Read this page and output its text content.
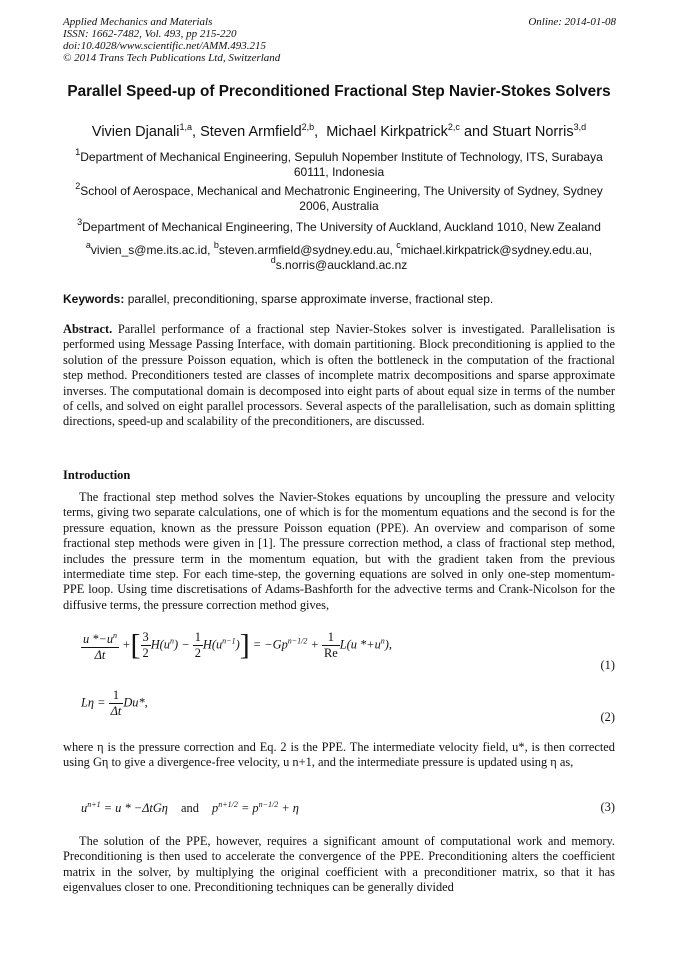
Applied Mechanics and Materials
ISSN: 1662-7482, Vol. 493, pp 215-220
doi:10.4028/www.scientific.net/AMM.493.215
© 2014 Trans Tech Publications Ltd, Switzerland
Online: 2014-01-08
Parallel Speed-up of Preconditioned Fractional Step Navier-Stokes Solvers
Vivien Djanali$^{1,a}$, Steven Armfield$^{2,b}$,  Michael Kirkpatrick$^{2,c}$ and Stuart Norris$^{3,d}$
$^1$Department of Mechanical Engineering, Sepuluh Nopember Institute of Technology, ITS, Surabaya 60111, Indonesia
$^2$School of Aerospace, Mechanical and Mechatronic Engineering, The University of Sydney, Sydney 2006, Australia
$^3$Department of Mechanical Engineering, The University of Auckland, Auckland 1010, New Zealand
$^a$vivien_s@me.its.ac.id, $^b$steven.armfield@sydney.edu.au, $^c$michael.kirkpatrick@sydney.edu.au,
$^d$s.norris@auckland.ac.nz
Keywords: parallel, preconditioning, sparse approximate inverse, fractional step.
Abstract. Parallel performance of a fractional step Navier-Stokes solver is investigated. Parallelisation is performed using Message Passing Interface, with domain partitioning. Block preconditioning is applied to the solution of the pressure Poisson equation, which is often the bottleneck in the computation of the fractional step method. Preconditioners tested are classes of incomplete matrix decompositions and sparse approximate inverses. The computational domain is decomposed into eight parts of about equal size in terms of the number of cells, and solved on eight parallel processors. Several aspects of the parallelisation, such as domain splitting directions, speed-up and scalability of the preconditioners, are discussed.
Introduction
The fractional step method solves the Navier-Stokes equations by uncoupling the pressure and velocity terms, giving two separate calculations, one of which is for the momentum equations and the second is for the pressure equation, known as the pressure Poisson equation (PPE). An overview and comparison of some fractional step methods were given in [1]. The pressure correction method, a class of fractional step method, includes the pressure term in the momentum equation, but with the gradient taken from the previous intermediate time step. For each time-step, the governing equations are solved in only one-step momentum-PPE loop. Using time discretisations of Adams-Bashforth for the advective terms and Crank-Nicolson for the diffusive terms, the pressure correction method gives,
$\frac{u *-u^n}{\Delta t}$ +[ $\frac{3}{2} H(u^n) - \frac{1}{2} H(u^{n-1})] = -Gp^{n-1/2} + \frac{1}{Re} L(u$ $*+u^n$),
(1)
$L\eta = \frac{1}{\Delta t} Du*$,
(2)
where η is the pressure correction and Eq. 2 is the PPE. The intermediate velocity field, u*, is then corrected using Gη to give a divergence-free velocity, u n+1, and the intermediate pressure is updated using η as,
$u^{n+1} = u * -\Delta tG\eta$ and $p^{n+1/2} = p^{n-1/2} + \eta$	(3)
The solution of the PPE, however, requires a significant amount of computational work and memory. Preconditioning is then used to accelerate the convergence of the PPE. Preconditioning alters the coefficient matrix in the solver, by multiplying the original coefficient with a preconditioner matrix, so that it has eigenvalues closer to one. Preconditioning techniques can be generally divided
